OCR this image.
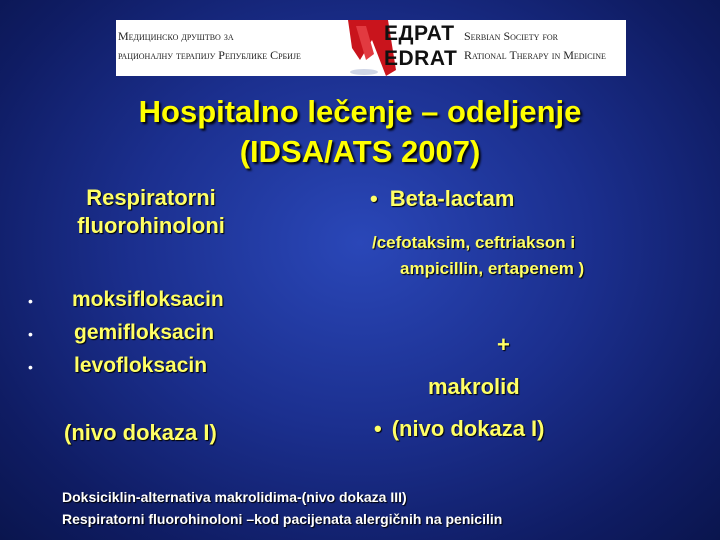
Медицинско друштво за
рационалну терапију Републике Србије
ЕДРАТ
EDRAT
Serbian Society for
Rational Therapy in Medicine
Hospitalno lečenje – odeljenje
(IDSA/ATS 2007)
Respiratorni
fluorohinoloni
• moksifloksacin
• gemifloksacin
• levofloksacin
(nivo dokaza I)
• Beta-lactam
/cefotaksim, ceftriakson i
ampicillin, ertapenem )
+
makrolid
• (nivo dokaza I)
Doksiciklin-alternativa makrolidima-(nivo dokaza III)
Respiratorni fluorohinoloni –kod pacijenata alergičnih na penicilin
